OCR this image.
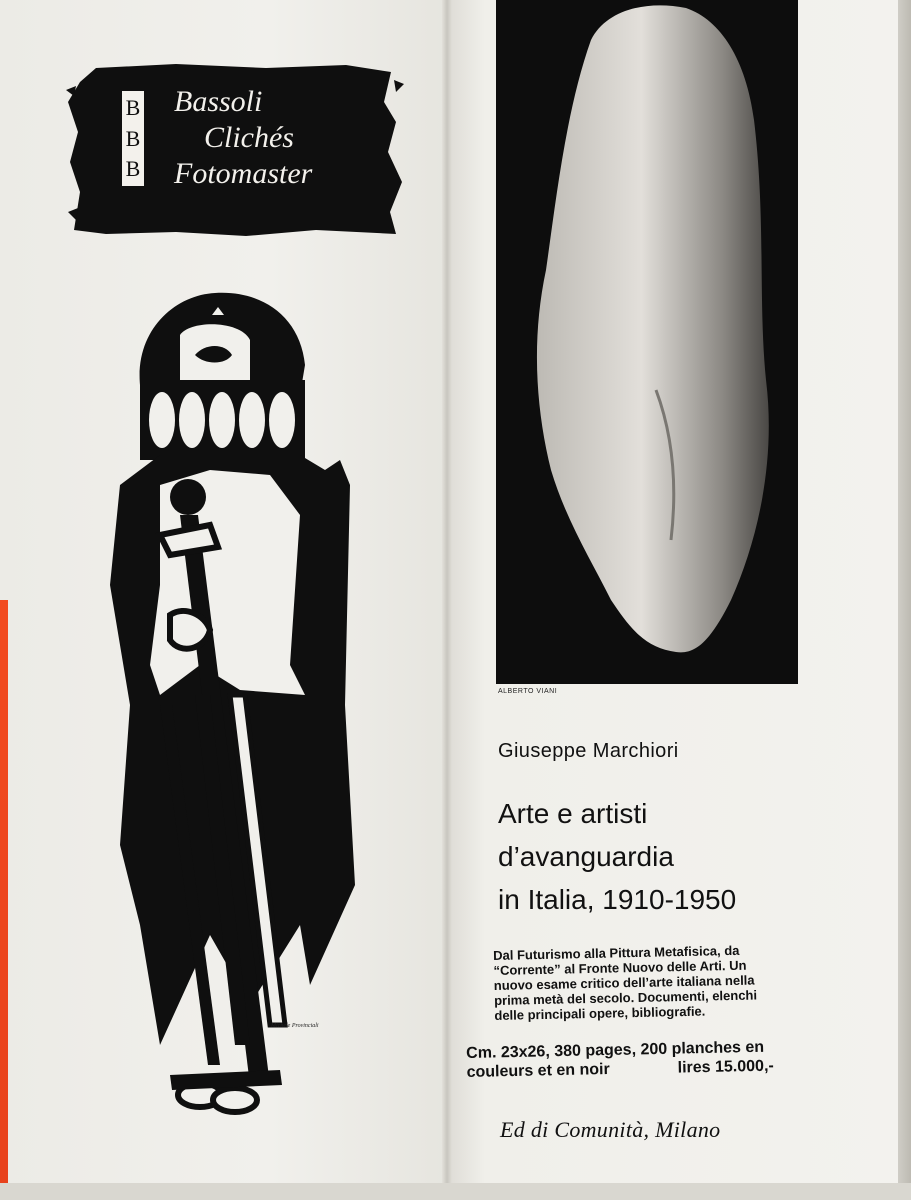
B
B
B
Bassoli
Clichés
Fotomaster
Michele Provinciali
ALBERTO VIANI
Giuseppe Marchiori
Arte e artisti
d’avanguardia
in Italia, 1910-1950
Dal Futurismo alla Pittura Metafisica, da
“Corrente” al Fronte Nuovo delle Arti. Un
nuovo esame critico dell’arte italiana nella
prima metà del secolo. Documenti, elenchi
delle principali opere, bibliografie.
Cm. 23x26, 380 pages, 200 planches en
couleurs et en noir	lires 15.000,-
Ed di Comunità, Milano
